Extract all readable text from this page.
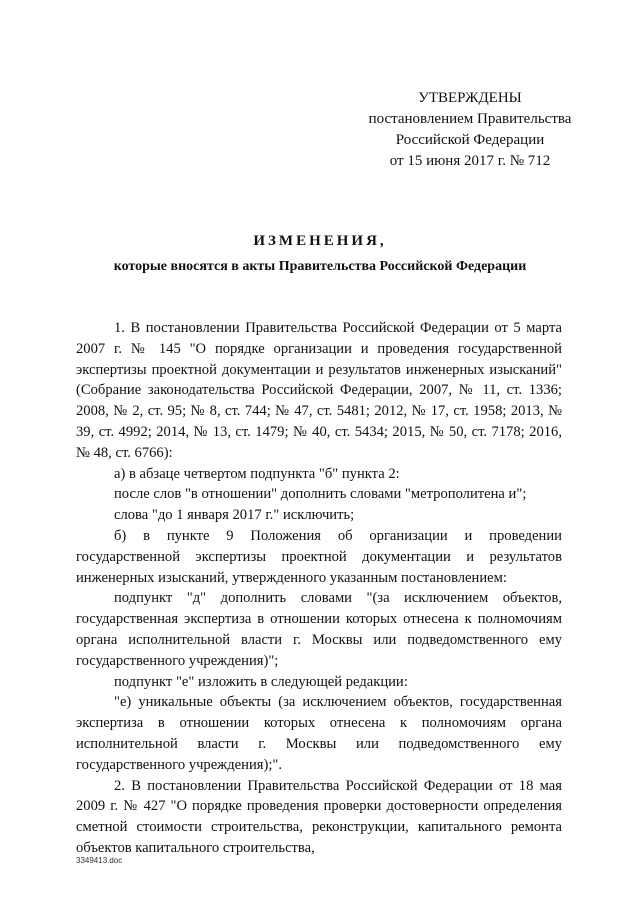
УТВЕРЖДЕНЫ
постановлением Правительства
Российской Федерации
от 15 июня 2017 г. № 712
ИЗМЕНЕНИЯ,
которые вносятся в акты Правительства Российской Федерации

1. В постановлении Правительства Российской Федерации от 5 марта 2007 г. № 145 "О порядке организации и проведения государственной экспертизы проектной документации и результатов инженерных изысканий" (Собрание законодательства Российской Федерации, 2007, № 11, ст. 1336; 2008, № 2, ст. 95; № 8, ст. 744; № 47, ст. 5481; 2012, № 17, ст. 1958; 2013, № 39, ст. 4992; 2014, № 13, ст. 1479; № 40, ст. 5434; 2015, № 50, ст. 7178; 2016, № 48, ст. 6766):

а) в абзаце четвертом подпункта "б" пункта 2:

после слов "в отношении" дополнить словами "метрополитена и";

слова "до 1 января 2017 г." исключить;

б) в пункте 9 Положения об организации и проведении государственной экспертизы проектной документации и результатов инженерных изысканий, утвержденного указанным постановлением:

подпункт "д" дополнить словами "(за исключением объектов, государственная экспертиза в отношении которых отнесена к полномочиям органа исполнительной власти г. Москвы или подведомственного ему государственного учреждения)";

подпункт "е" изложить в следующей редакции:

"е) уникальные объекты (за исключением объектов, государственная экспертиза в отношении которых отнесена к полномочиям органа исполнительной власти г. Москвы или подведомственного ему государственного учреждения);".

2. В постановлении Правительства Российской Федерации от 18 мая 2009 г. № 427 "О порядке проведения проверки достоверности определения сметной стоимости строительства, реконструкции, капитального ремонта объектов капитального строительства,

3349413.doc
